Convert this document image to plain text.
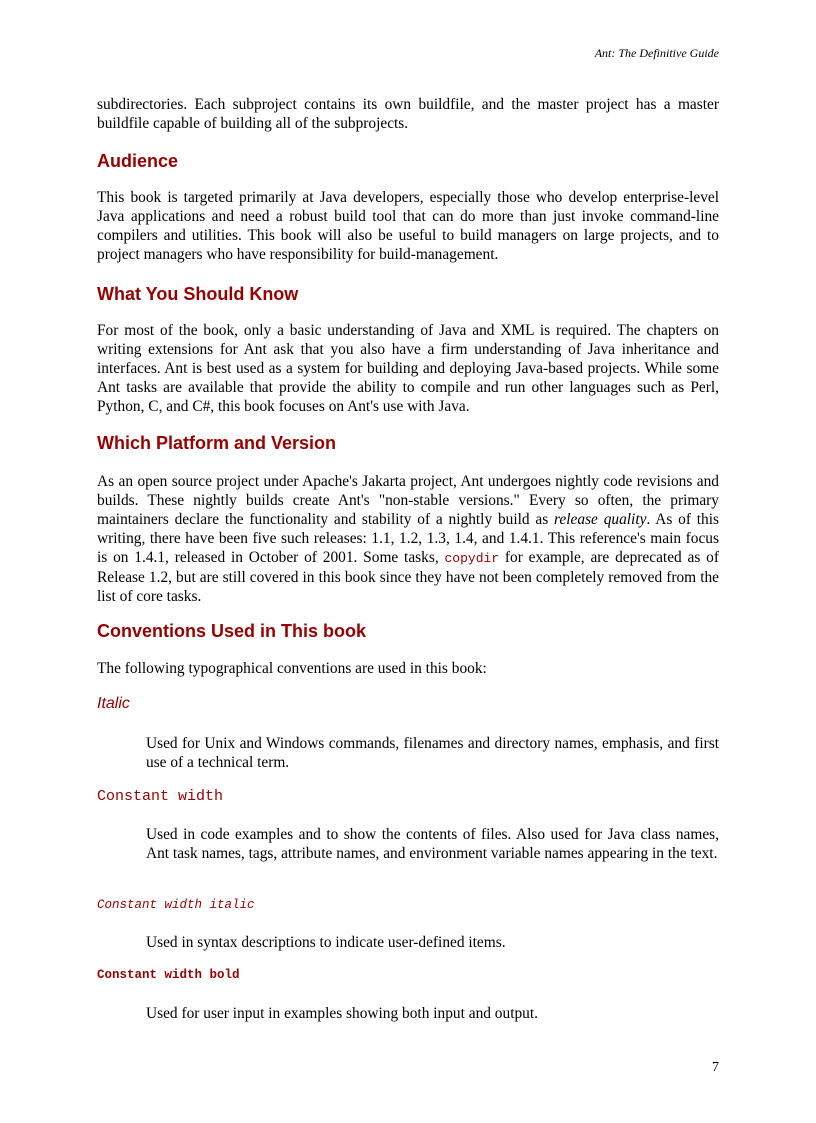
Ant: The Definitive Guide

subdirectories. Each subproject contains its own buildfile, and the master project has a master buildfile capable of building all of the subprojects.

Audience

This book is targeted primarily at Java developers, especially those who develop enterprise-level Java applications and need a robust build tool that can do more than just invoke command-line compilers and utilities. This book will also be useful to build managers on large projects, and to project managers who have responsibility for build-management.

What You Should Know

For most of the book, only a basic understanding of Java and XML is required. The chapters on writing extensions for Ant ask that you also have a firm understanding of Java inheritance and interfaces. Ant is best used as a system for building and deploying Java-based projects. While some Ant tasks are available that provide the ability to compile and run other languages such as Perl, Python, C, and C#, this book focuses on Ant's use with Java.

Which Platform and Version

As an open source project under Apache's Jakarta project, Ant undergoes nightly code revisions and builds. These nightly builds create Ant's "non-stable versions." Every so often, the primary maintainers declare the functionality and stability of a nightly build as release quality. As of this writing, there have been five such releases: 1.1, 1.2, 1.3, 1.4, and 1.4.1. This reference's main focus is on 1.4.1, released in October of 2001. Some tasks, copydir for example, are deprecated as of Release 1.2, but are still covered in this book since they have not been completely removed from the list of core tasks.

Conventions Used in This book

The following typographical conventions are used in this book:

Italic

Used for Unix and Windows commands, filenames and directory names, emphasis, and first use of a technical term.

Constant width

Used in code examples and to show the contents of files. Also used for Java class names, Ant task names, tags, attribute names, and environment variable names appearing in the text.

Constant width italic

Used in syntax descriptions to indicate user-defined items.

Constant width bold

Used for user input in examples showing both input and output.

7
